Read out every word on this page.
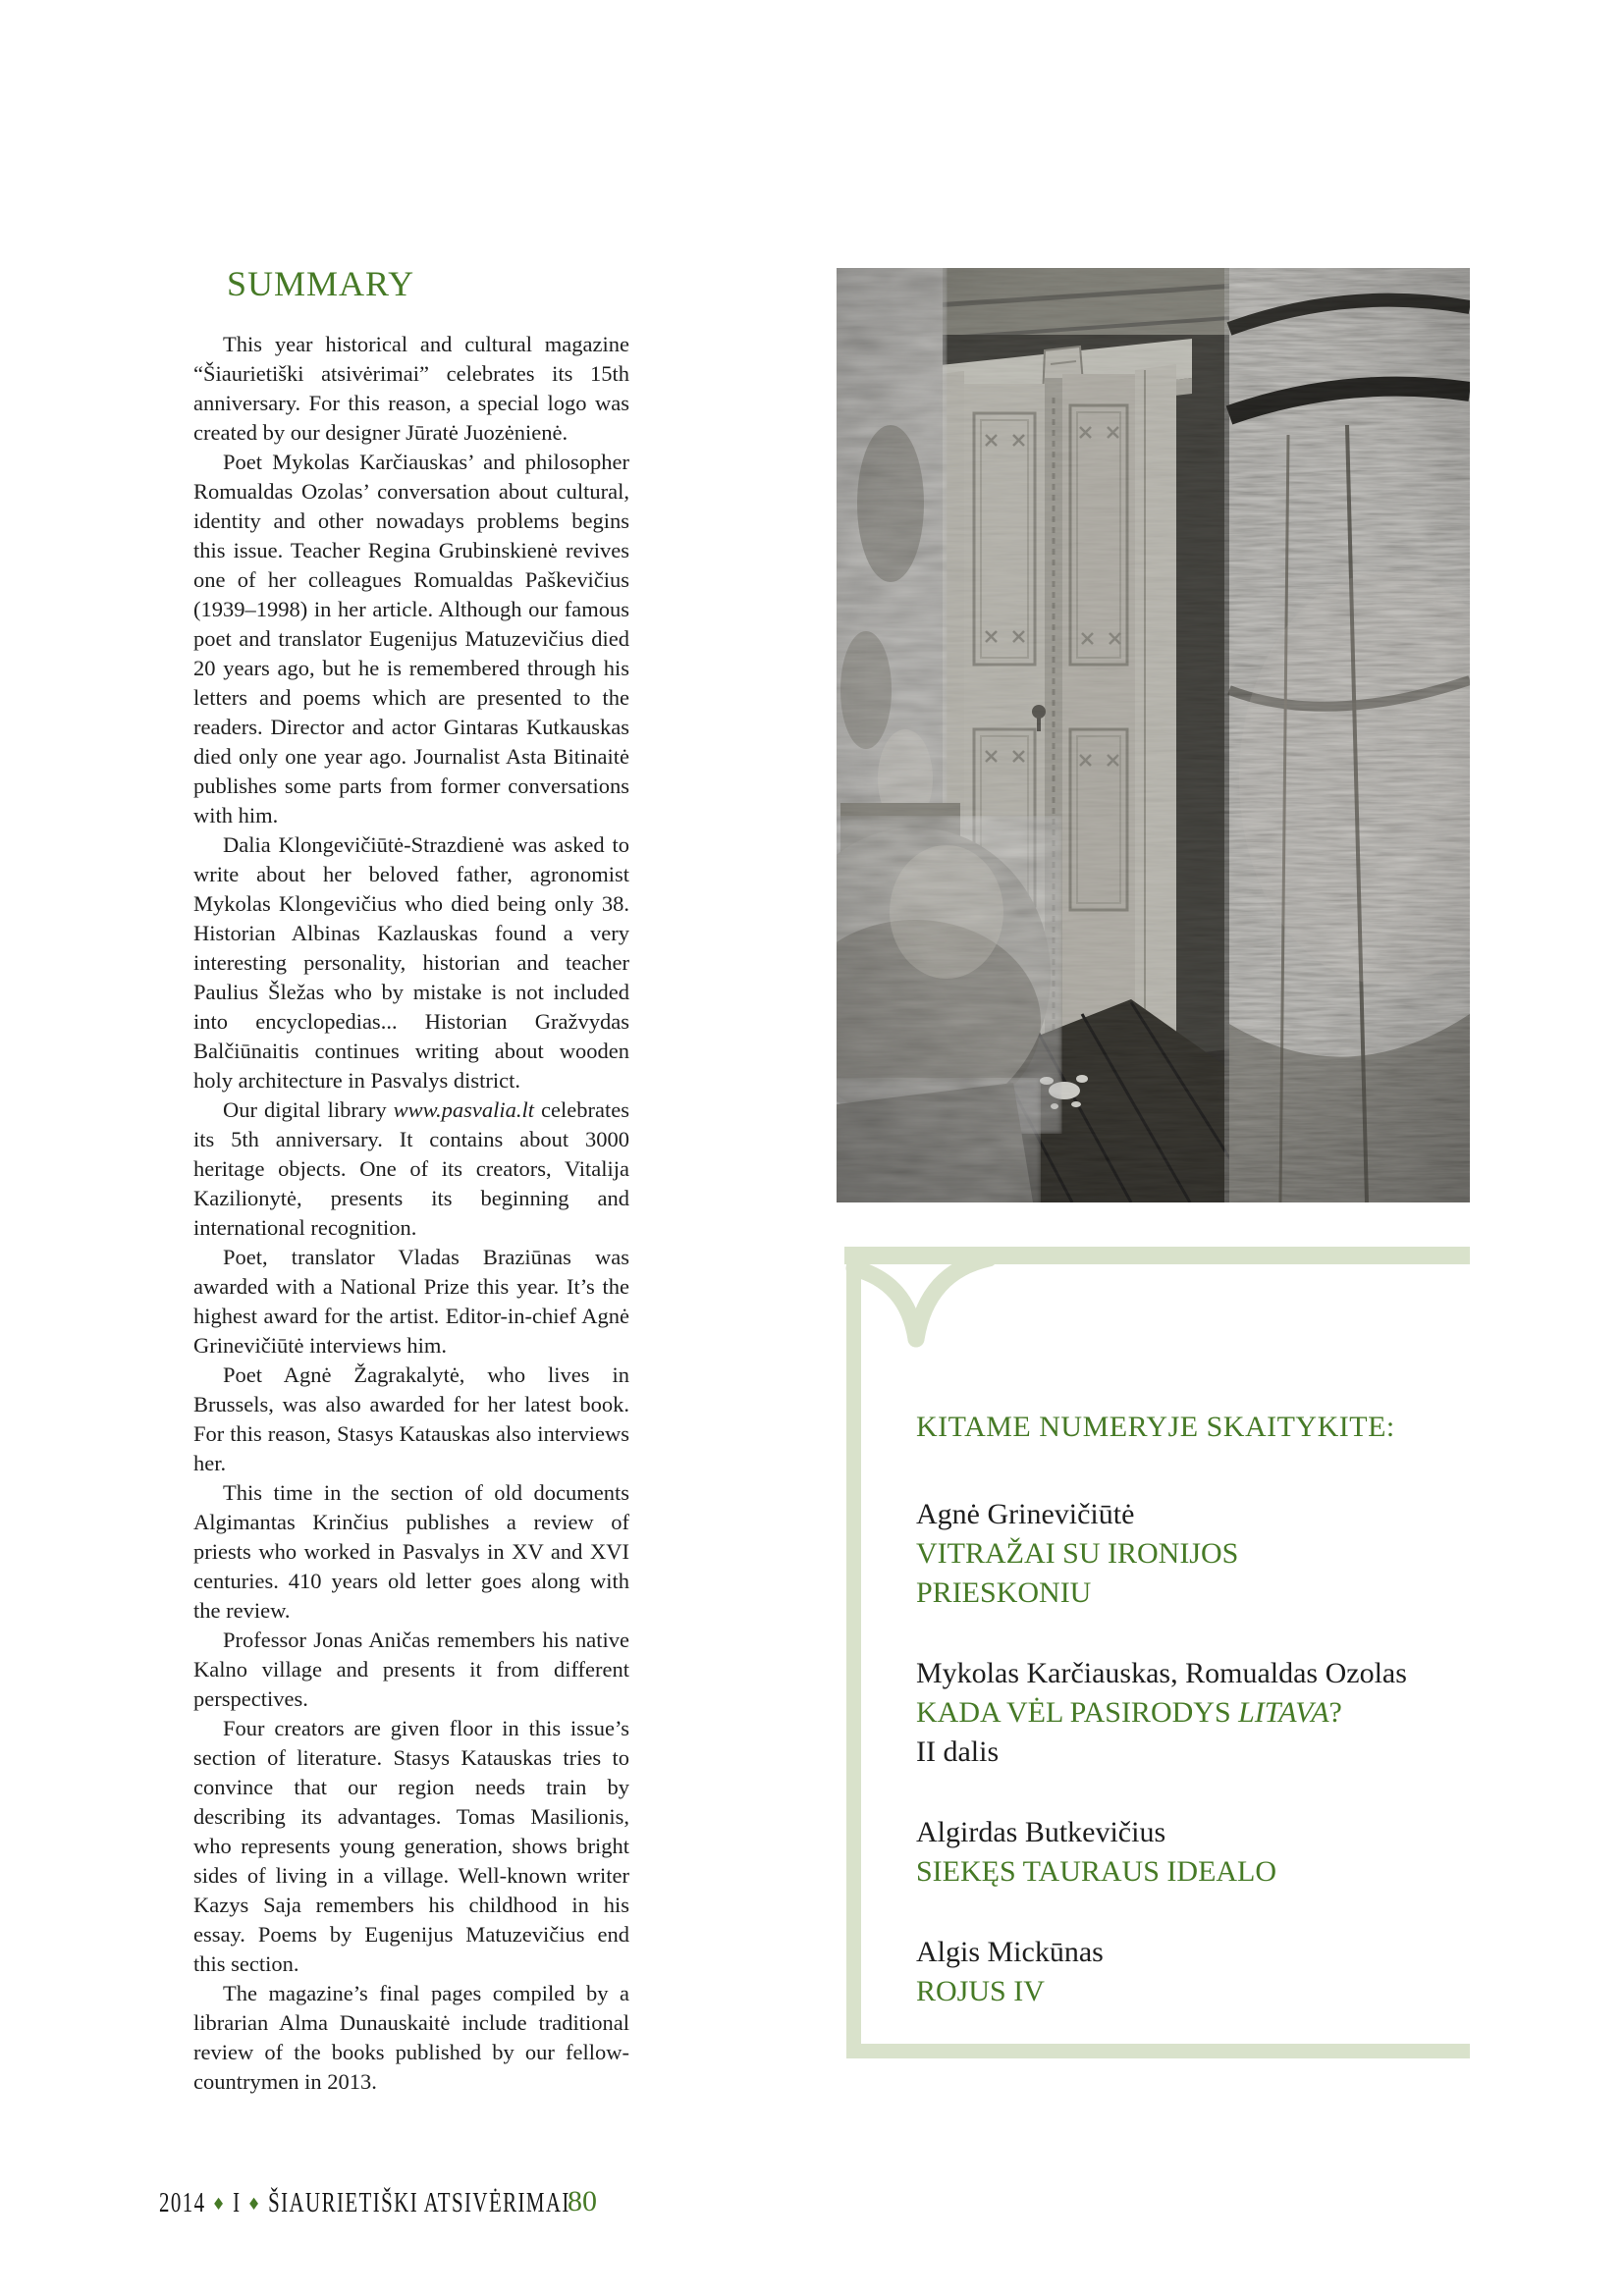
SUMMARY

This year historical and cultural magazine “Šiaurietiški atsivėrimai” celebrates its 15th anniversary. For this reason, a special logo was created by our designer Jūratė Juozėnienė.

Poet Mykolas Karčiauskas’ and philosopher Romualdas Ozolas’ conversation about cultural, identity and other nowadays problems begins this issue. Teacher Regina Grubinskienė revives one of her colleagues Romualdas Paškevičius (1939–1998) in her article. Although our famous poet and translator Eugenijus Matuzevičius died 20 years ago, but he is remembered through his letters and poems which are presented to the readers. Director and actor Gintaras Kutkauskas died only one year ago. Journalist Asta Bitinaitė publishes some parts from former conversations with him.

Dalia Klongevičiūtė-Strazdienė was asked to write about her beloved father, agronomist Mykolas Klongevičius who died being only 38. Historian Albinas Kazlauskas found a very interesting personality, historian and teacher Paulius Šležas who by mistake is not included into encyclopedias... Historian Gražvydas Balčiūnaitis continues writing about wooden holy architecture in Pasvalys district.

Our digital library www.pasvalia.lt celebrates its 5th anniversary. It contains about 3000 heritage objects. One of its creators, Vitalija Kazilionytė, presents its beginning and international recognition.

Poet, translator Vladas Braziūnas was awarded with a National Prize this year. It’s the highest award for the artist. Editor-in-chief Agnė Grinevičiūtė interviews him.

Poet Agnė Žagrakalytė, who lives in Brussels, was also awarded for her latest book. For this reason, Stasys Katauskas also interviews her.

This time in the section of old documents Algimantas Krinčius publishes a review of priests who worked in Pasvalys in XV and XVI centuries. 410 years old letter goes along with the review.

Professor Jonas Aničas remembers his native Kalno village and presents it from different perspectives.

Four creators are given floor in this issue’s section of literature. Stasys Katauskas tries to convince that our region needs train by describing its advantages. Tomas Masilionis, who represents young generation, shows bright sides of living in a village. Well-known writer Kazys Saja remembers his childhood in his essay. Poems by Eugenijus Matuzevičius end this section.

The magazine’s final pages compiled by a librarian Alma Dunauskaitė include traditional review of the books published by our fellow-countrymen in 2013.

KITAME NUMERYJE SKAITYKITE:
Agnė Grinevičiūtė
VITRAŽAI SU IRONIJOS
PRIESKONIU
Mykolas Karčiauskas, Romualdas Ozolas
KADA VĖL PASIRODYS LITAVA?
II dalis
Algirdas Butkevičius
SIEKĘS TAURAUS IDEALO
Algis Mickūnas
ROJUS IV
2014 ◆ I ◆ ŠIAURIETIŠKI ATSIVĖRIMAI
80
